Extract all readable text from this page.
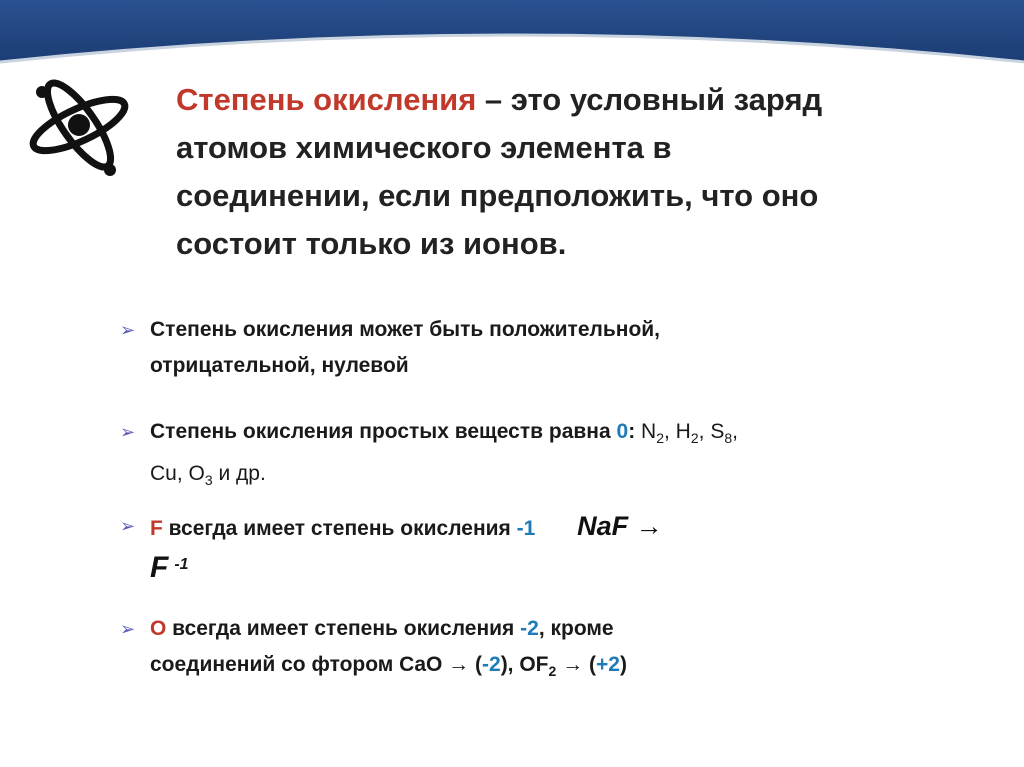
Степень окисления – это условный заряд
атомов химического элемента в
соединении, если предположить, что оно
состоит только из ионов.
➢ Степень окисления может быть положительной,
отрицательной, нулевой
➢ Степень окисления простых веществ равна 0: $N_2$, $H_2$, $S_8$,
Cu, $O_3$ и др.
➢ F всегда имеет степень окисления -1 NaF →
F $^{-1}$
➢ O всегда имеет степень окисления -2, кроме
соединений со фтором CaO → (-2), $OF_2 \to (+2)$
